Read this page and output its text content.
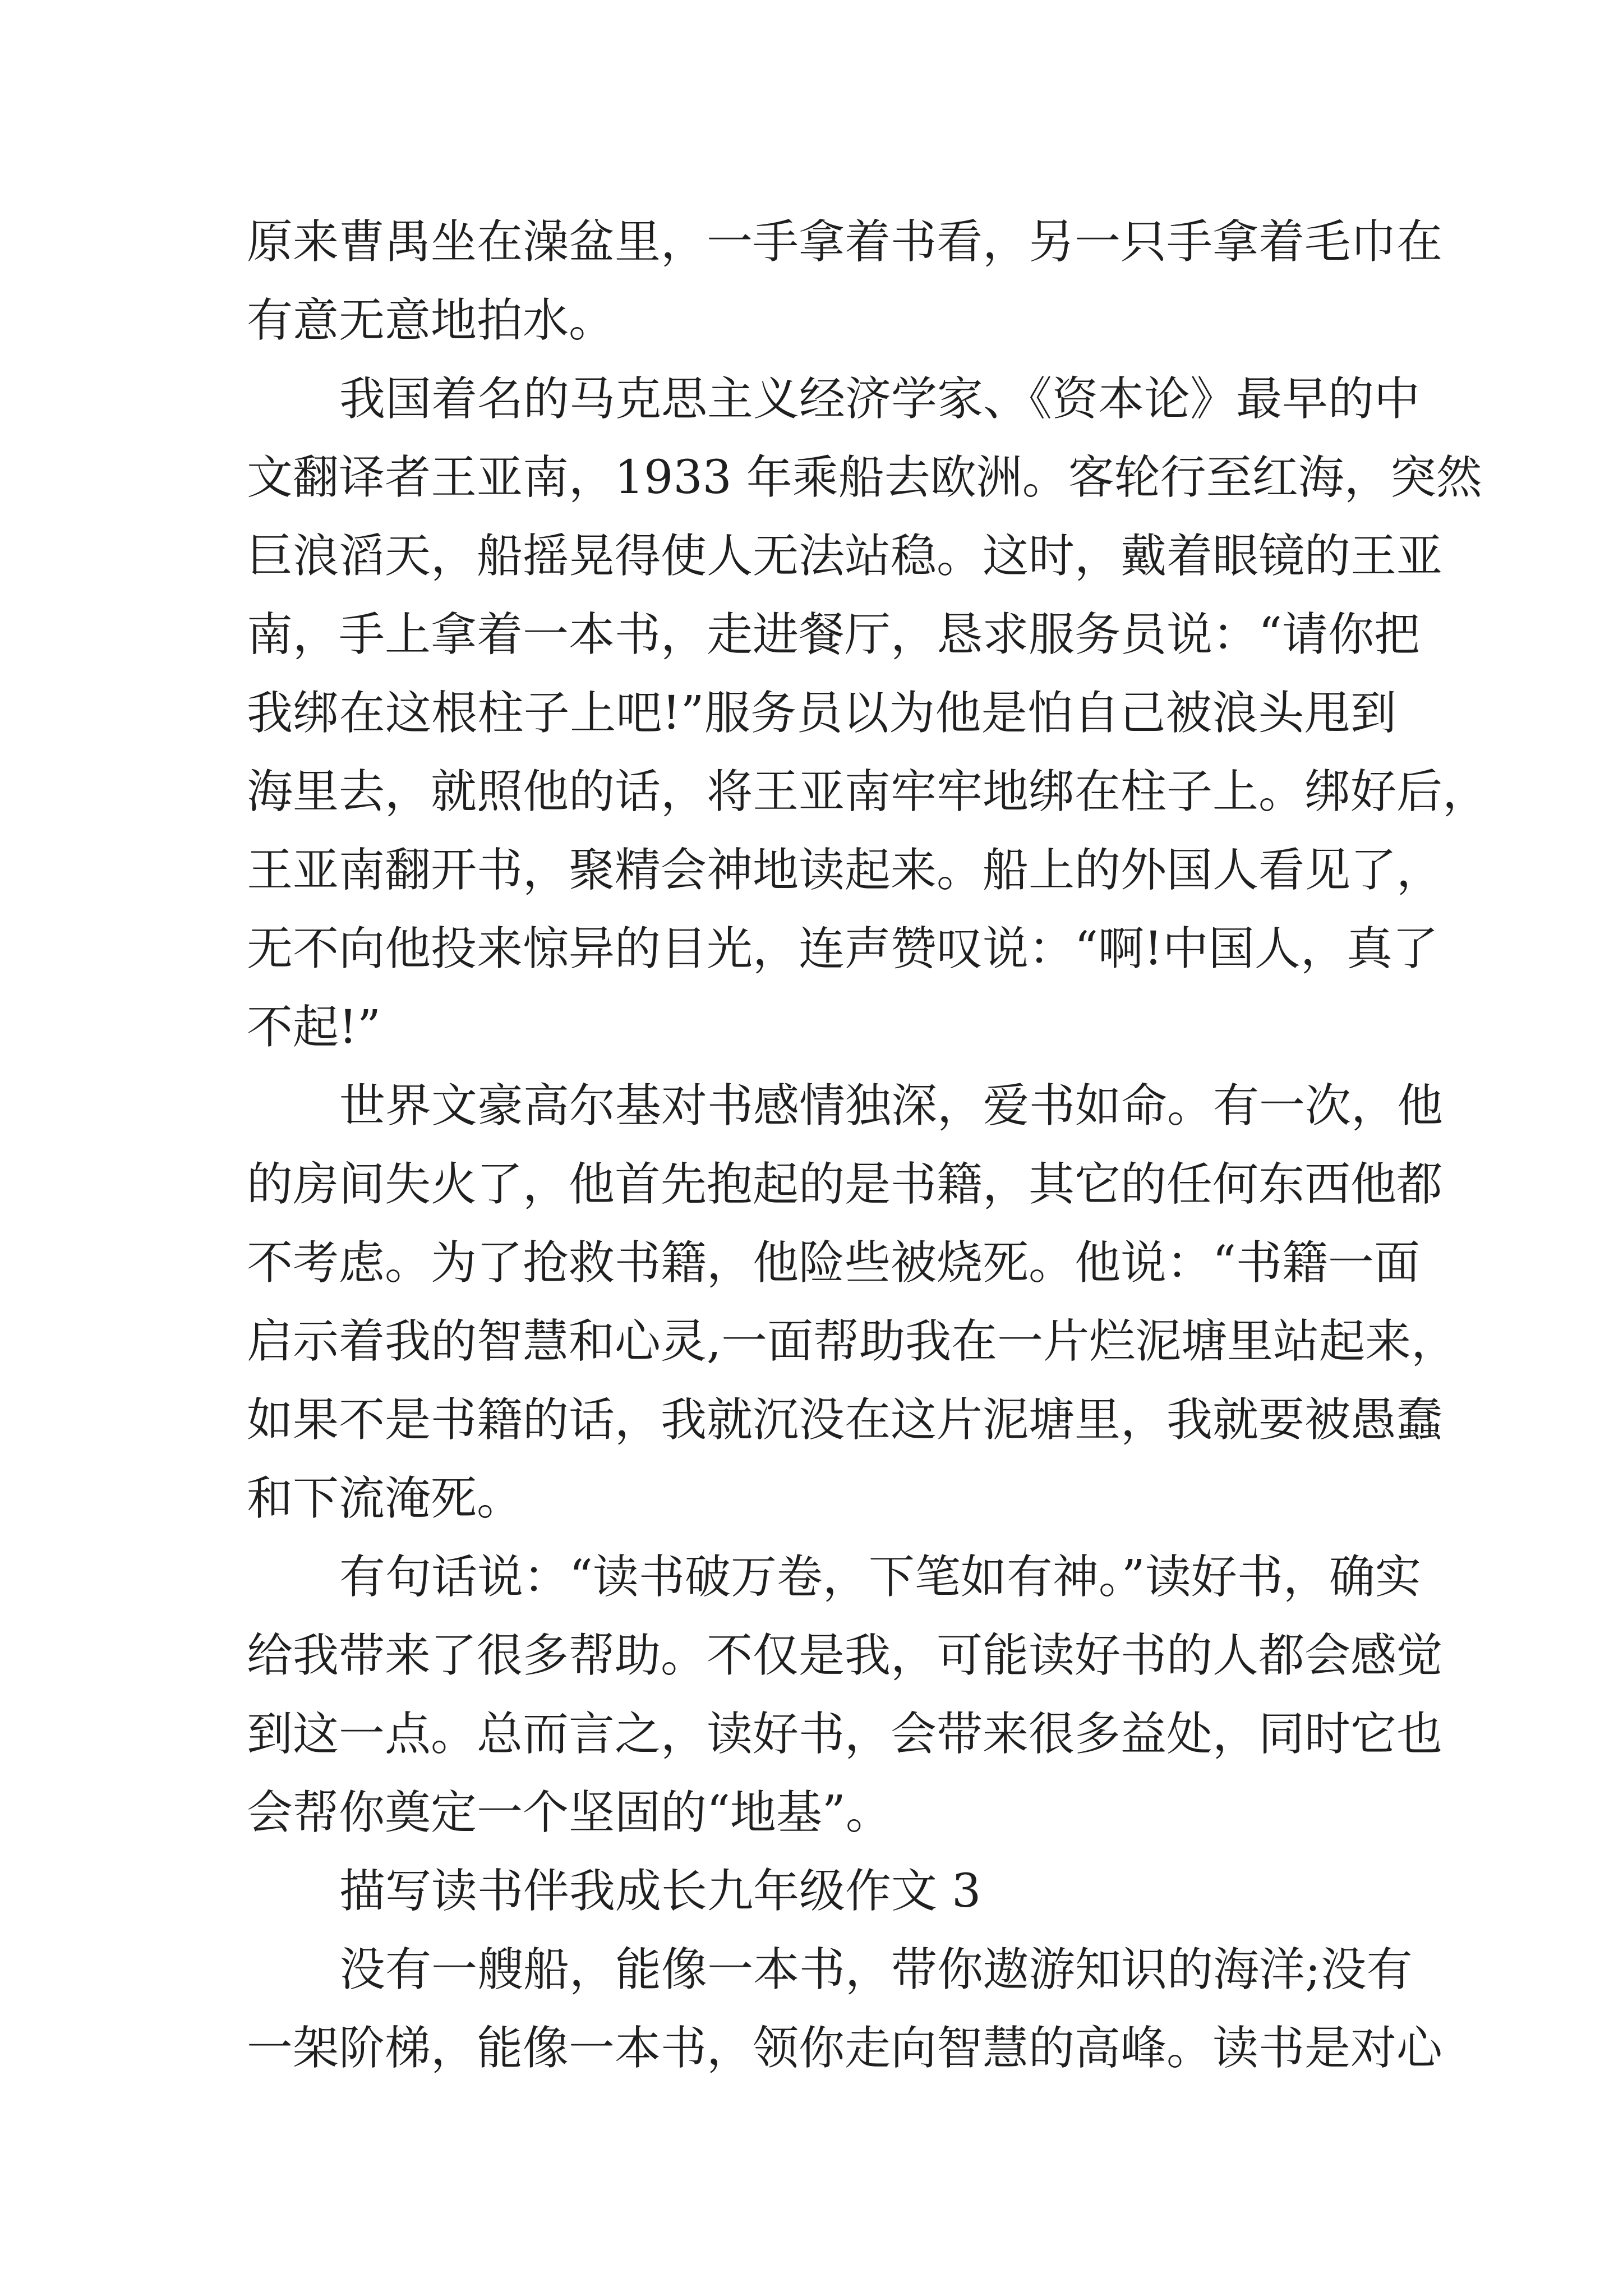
原来曹禺坐在澡盆里，一手拿着书看，另一只手拿着毛巾在

有意无意地拍水。

我国着名的马克思主义经济学家、《资本论》最早的中

文翻译者王亚南，1933 年乘船去欧洲。客轮行至红海，突然

巨浪滔天，船摇晃得使人无法站稳。这时，戴着眼镜的王亚

南，手上拿着一本书，走进餐厅，恳求服务员说：“请你把

我绑在这根柱子上吧!”服务员以为他是怕自己被浪头甩到

海里去，就照他的话，将王亚南牢牢地绑在柱子上。绑好后，

王亚南翻开书，聚精会神地读起来。船上的外国人看见了，

无不向他投来惊异的目光，连声赞叹说：“啊!中国人，真了

不起!”

世界文豪高尔基对书感情独深，爱书如命。有一次，他

的房间失火了，他首先抱起的是书籍，其它的任何东西他都

不考虑。为了抢救书籍，他险些被烧死。他说：“书籍一面

启示着我的智慧和心灵,一面帮助我在一片烂泥塘里站起来，

如果不是书籍的话，我就沉没在这片泥塘里，我就要被愚蠢

和下流淹死。

有句话说：“读书破万卷，下笔如有神。”读好书，确实

给我带来了很多帮助。不仅是我，可能读好书的人都会感觉

到这一点。总而言之，读好书，会带来很多益处，同时它也

会帮你奠定一个坚固的“地基”。

描写读书伴我成长九年级作文 3

没有一艘船，能像一本书，带你遨游知识的海洋;没有

一架阶梯，能像一本书，领你走向智慧的高峰。读书是对心
